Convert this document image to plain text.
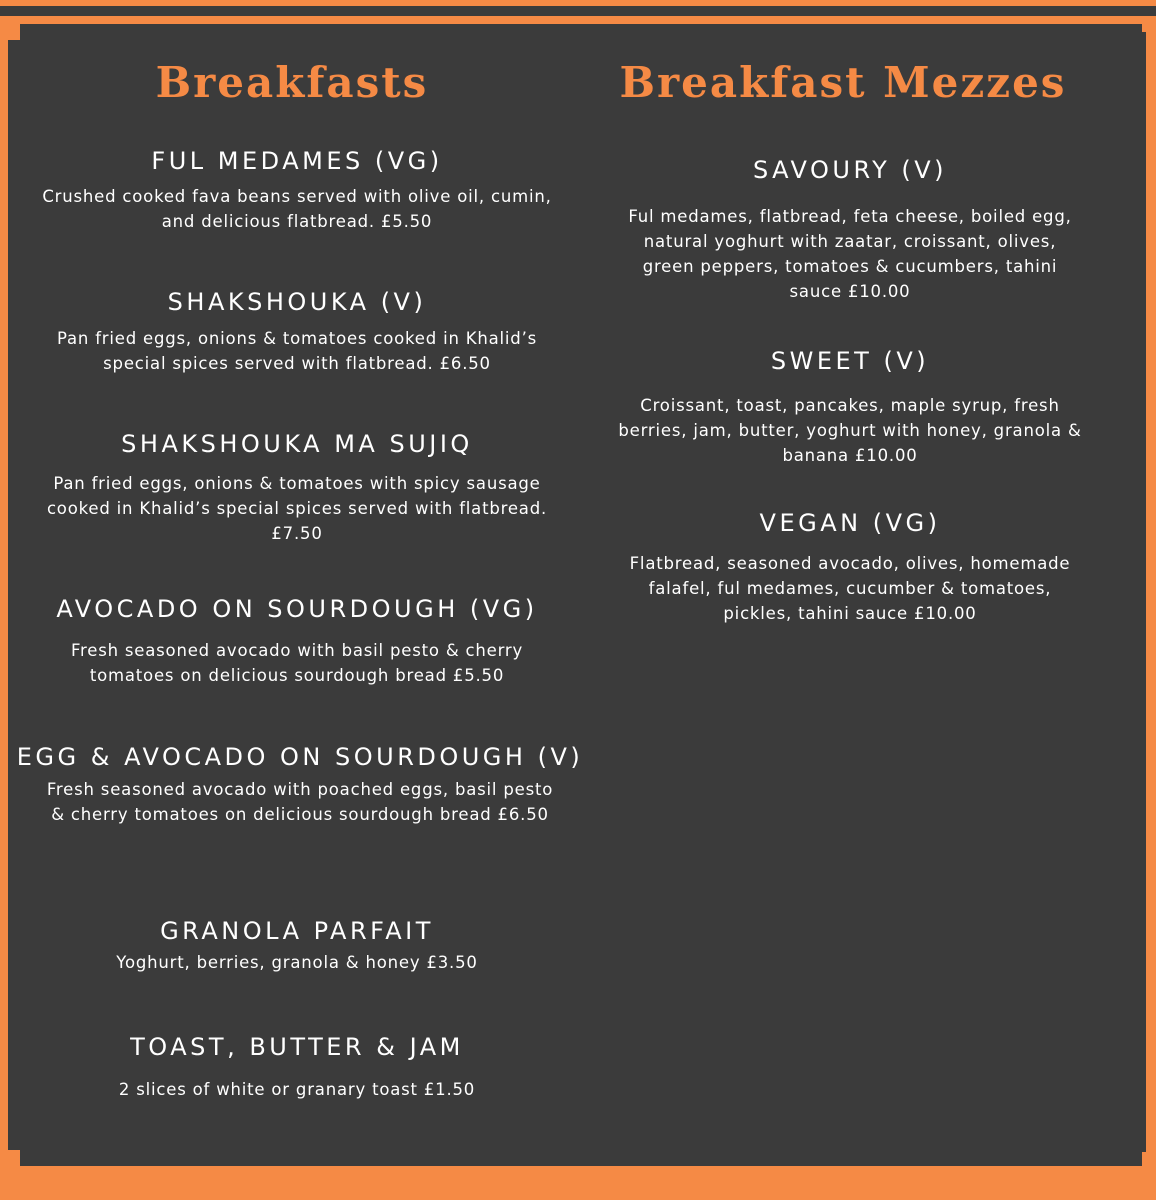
Breakfasts	Breakfast Mezzes
FUL MEDAMES (VG)
Crushed cooked fava beans served with olive oil, cumin, and delicious flatbread. £5.50
SHAKSHOUKA (V)
Pan fried eggs, onions & tomatoes cooked in Khalid’s special spices served with flatbread. £6.50
SHAKSHOUKA MA SUJIQ
Pan fried eggs, onions & tomatoes with spicy sausage cooked in Khalid’s special spices served with flatbread. £7.50
AVOCADO ON SOURDOUGH (VG)
Fresh seasoned avocado with basil pesto & cherry tomatoes on delicious sourdough bread £5.50
EGG & AVOCADO ON SOURDOUGH (V)
Fresh seasoned avocado with poached eggs, basil pesto & cherry tomatoes on delicious sourdough bread £6.50
GRANOLA PARFAIT
Yoghurt, berries, granola & honey £3.50
TOAST, BUTTER & JAM
2 slices of white or granary toast £1.50
SAVOURY (V)
Ful medames, flatbread, feta cheese, boiled egg, natural yoghurt with zaatar, croissant, olives, green peppers, tomatoes & cucumbers, tahini sauce £10.00
SWEET (V)
Croissant, toast, pancakes, maple syrup, fresh berries, jam, butter, yoghurt with honey, granola & banana £10.00
VEGAN (VG)
Flatbread, seasoned avocado, olives, homemade falafel, ful medames, cucumber & tomatoes, pickles, tahini sauce £10.00
